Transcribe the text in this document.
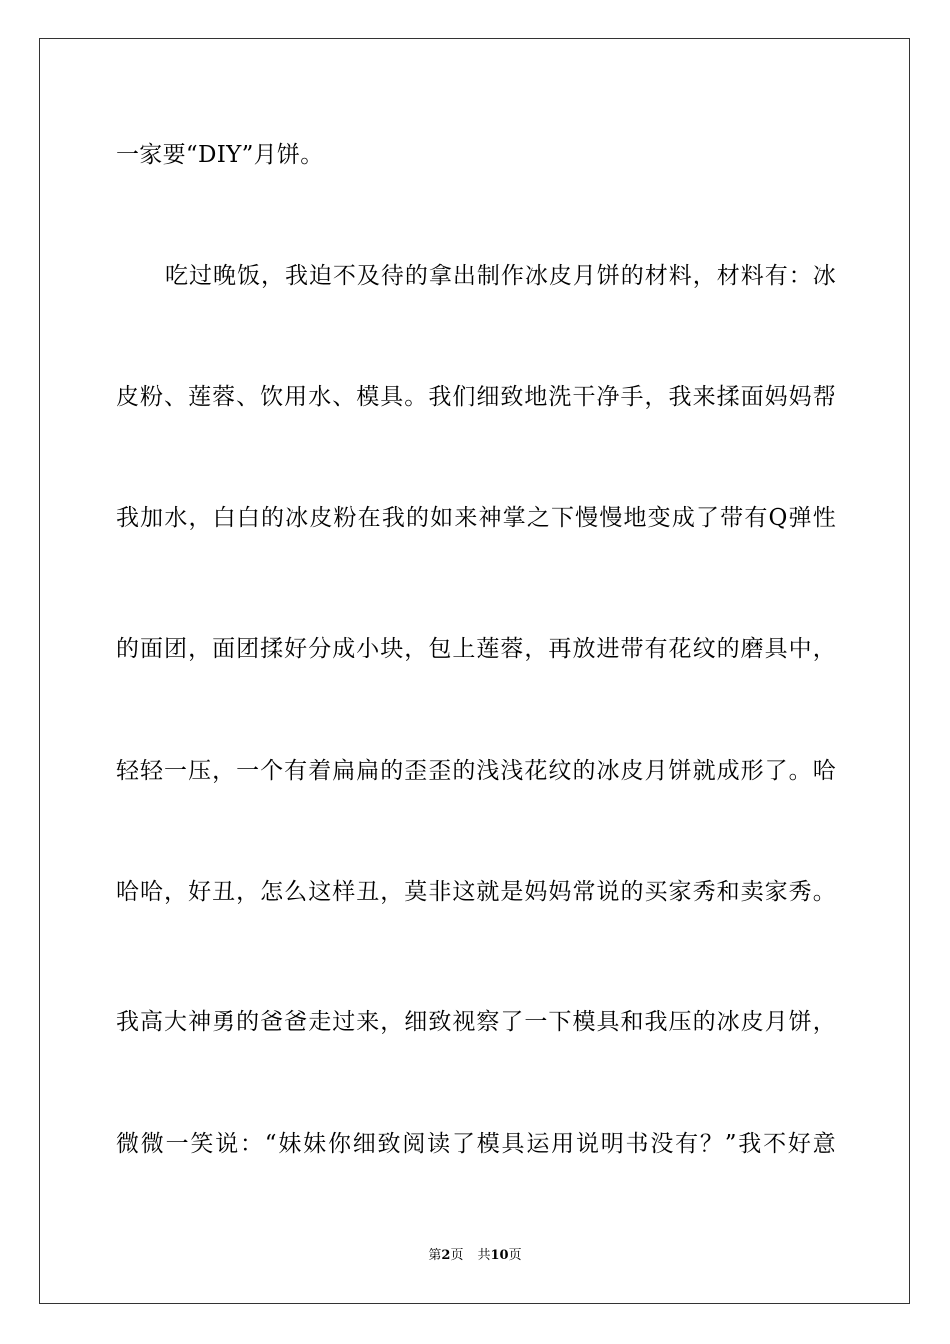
一家要“DIY”月饼。
吃过晚饭，我迫不及待的拿出制作冰皮月饼的材料，材料有：冰
皮粉、莲蓉、饮用水、模具。我们细致地洗干净手，我来揉面妈妈帮
我加水，白白的冰皮粉在我的如来神掌之下慢慢地变成了带有Q弹性
的面团，面团揉好分成小块，包上莲蓉，再放进带有花纹的磨具中，
轻轻一压，一个有着扁扁的歪歪的浅浅花纹的冰皮月饼就成形了。哈
哈哈，好丑，怎么这样丑，莫非这就是妈妈常说的买家秀和卖家秀。
我高大神勇的爸爸走过来，细致视察了一下模具和我压的冰皮月饼，
微微一笑说：“妹妹你细致阅读了模具运用说明书没有？”我不好意
第2页 共10页
